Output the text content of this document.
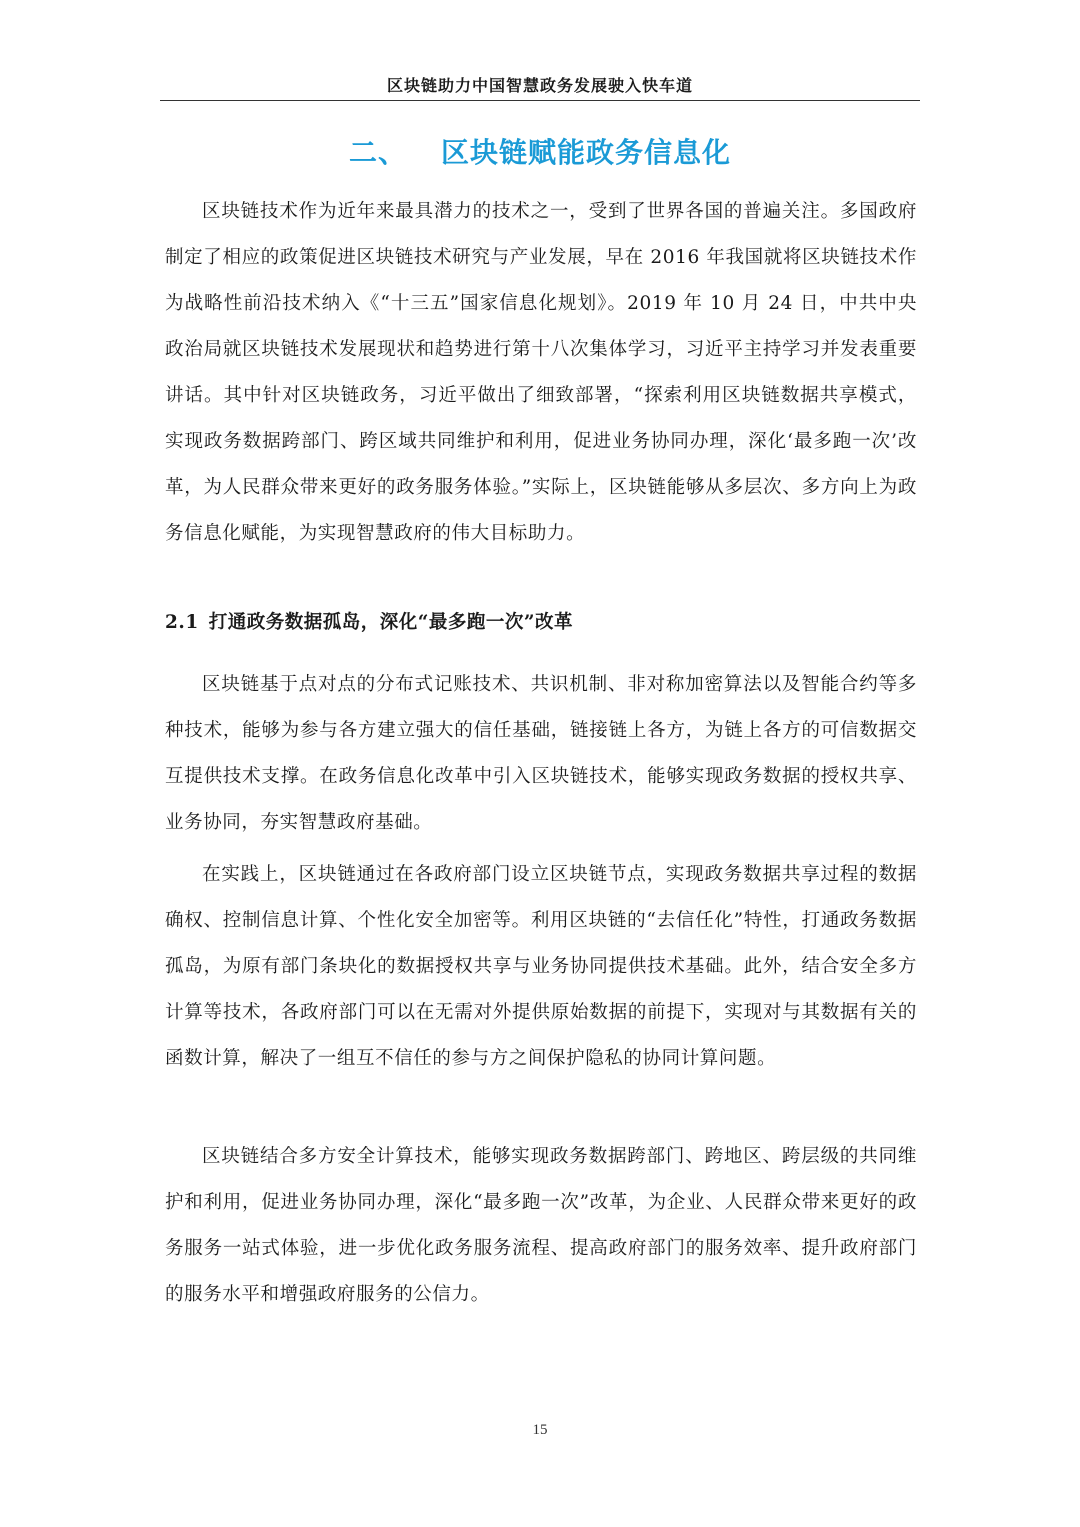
区块链助力中国智慧政务发展驶入快车道
二、 区块链赋能政务信息化

区块链技术作为近年来最具潜力的技术之一，受到了世界各国的普遍关注。多国政府制定了相应的政策促进区块链技术研究与产业发展，早在 2016 年我国就将区块链技术作为战略性前沿技术纳入《“十三五”国家信息化规划》。2019 年 10 月 24 日，中共中央政治局就区块链技术发展现状和趋势进行第十八次集体学习，习近平主持学习并发表重要讲话。其中针对区块链政务，习近平做出了细致部署，“探索利用区块链数据共享模式，实现政务数据跨部门、跨区域共同维护和利用，促进业务协同办理，深化‘最多跑一次’改革，为人民群众带来更好的政务服务体验。”实际上，区块链能够从多层次、多方向上为政务信息化赋能，为实现智慧政府的伟大目标助力。

2.1 打通政务数据孤岛，深化“最多跑一次”改革

区块链基于点对点的分布式记账技术、共识机制、非对称加密算法以及智能合约等多种技术，能够为参与各方建立强大的信任基础，链接链上各方，为链上各方的可信数据交互提供技术支撑。在政务信息化改革中引入区块链技术，能够实现政务数据的授权共享、业务协同，夯实智慧政府基础。

在实践上，区块链通过在各政府部门设立区块链节点，实现政务数据共享过程的数据确权、控制信息计算、个性化安全加密等。利用区块链的“去信任化”特性，打通政务数据孤岛，为原有部门条块化的数据授权共享与业务协同提供技术基础。此外，结合安全多方计算等技术，各政府部门可以在无需对外提供原始数据的前提下，实现对与其数据有关的函数计算，解决了一组互不信任的参与方之间保护隐私的协同计算问题。

区块链结合多方安全计算技术，能够实现政务数据跨部门、跨地区、跨层级的共同维护和利用，促进业务协同办理，深化“最多跑一次”改革，为企业、人民群众带来更好的政务服务一站式体验，进一步优化政务服务流程、提高政府部门的服务效率、提升政府部门的服务水平和增强政府服务的公信力。

15
